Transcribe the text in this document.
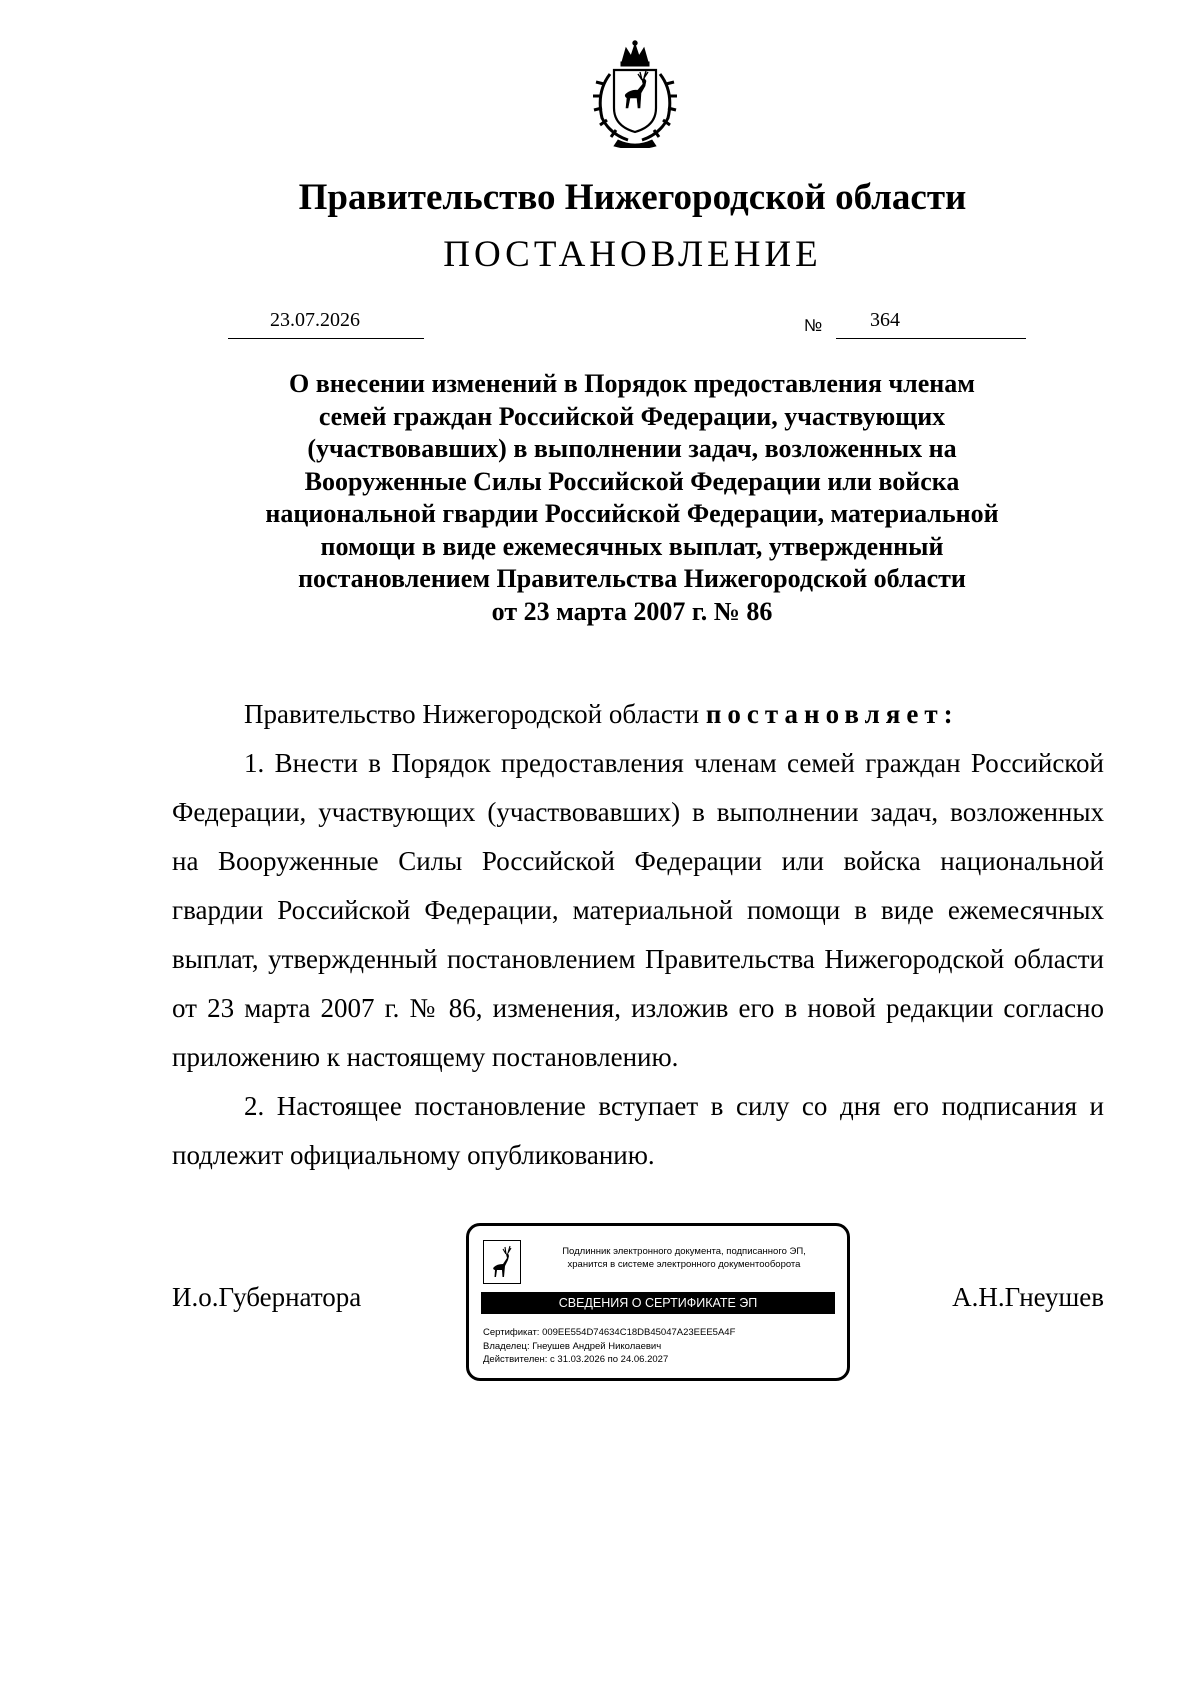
Правительство Нижегородской области
ПОСТАНОВЛЕНИЕ
23.07.2026	№ 364
О внесении изменений в Порядок предоставления членам
семей граждан Российской Федерации, участвующих
(участвовавших) в выполнении задач, возложенных на
Вооруженные Силы Российской Федерации или войска
национальной гвардии Российской Федерации, материальной
помощи в виде ежемесячных выплат, утвержденный
постановлением Правительства Нижегородской области
от 23 марта 2007 г. № 86

Правительство Нижегородской области постановляет:

1. Внести в Порядок предоставления членам семей граждан Российской Федерации, участвующих (участвовавших) в выполнении задач, возложенных на Вооруженные Силы Российской Федерации или войска национальной гвардии Российской Федерации, материальной помощи в виде ежемесячных выплат, утвержденный постановлением Правительства Нижегородской области от 23 марта 2007 г. № 86, изменения, изложив его в новой редакции согласно приложению к настоящему постановлению.

2. Настоящее постановление вступает в силу со дня его подписания и подлежит официальному опубликованию.

И.о.Губернатора
Подлинник электронного документа, подписанного ЭП,
хранится в системе электронного документооборота
СВЕДЕНИЯ О СЕРТИФИКАТЕ ЭП
Сертификат: 009EE554D74634C18DB45047A23EEE5A4F
Владелец: Гнеушев Андрей Николаевич
Действителен: с 31.03.2026 по 24.06.2027
А.Н.Гнеушев
